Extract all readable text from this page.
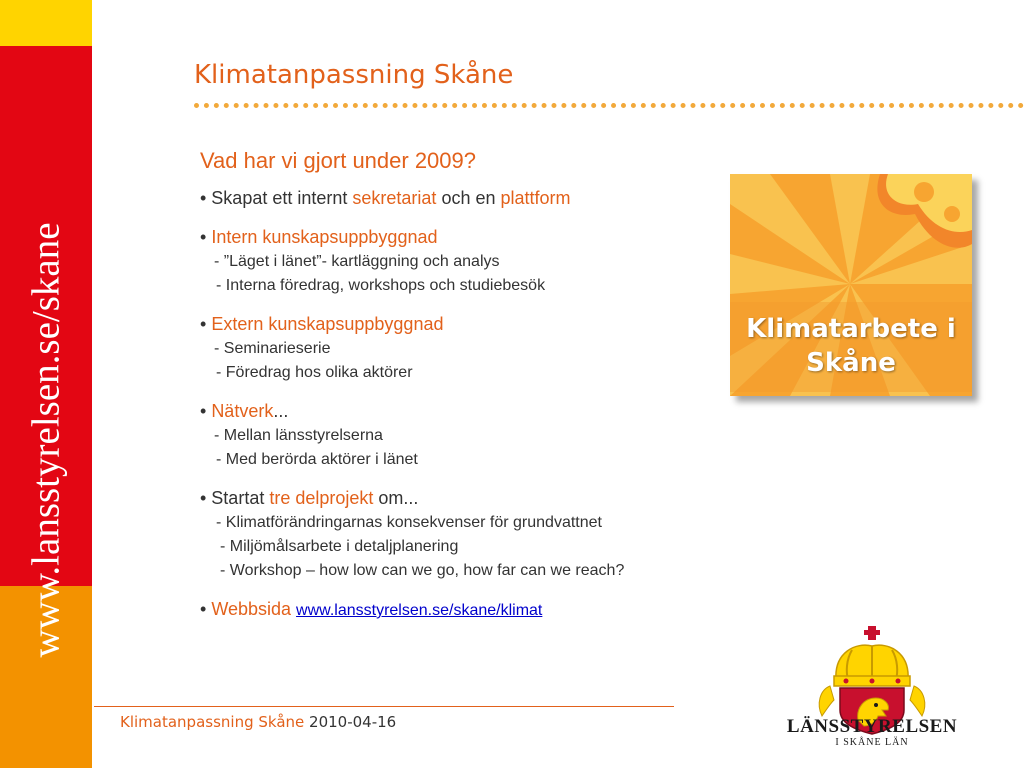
www.lansstyrelsen.se/skane
Klimatanpassning Skåne

Vad har vi gjort under 2009?

• Skapat ett internt sekretariat och en plattform

• Intern kunskapsuppbyggnad

- ”Läget i länet”- kartläggning och analys

- Interna föredrag, workshops och studiebesök

• Extern kunskapsuppbyggnad

- Seminarieserie

- Föredrag hos olika aktörer

• Nätverk...

- Mellan länsstyrelserna

- Med berörda aktörer i länet

• Startat tre delprojekt om...

- Klimatförändringarnas konsekvenser för grundvattnet

- Miljömålsarbete i detaljplanering

- Workshop – how low can we go, how far can we reach?

• Webbsida www.lansstyrelsen.se/skane/klimat

Klimatarbete i
Skåne
Klimatanpassning Skåne 2010-04-16	LÄNSSTYRELSEN
I SKÅNE LÄN
